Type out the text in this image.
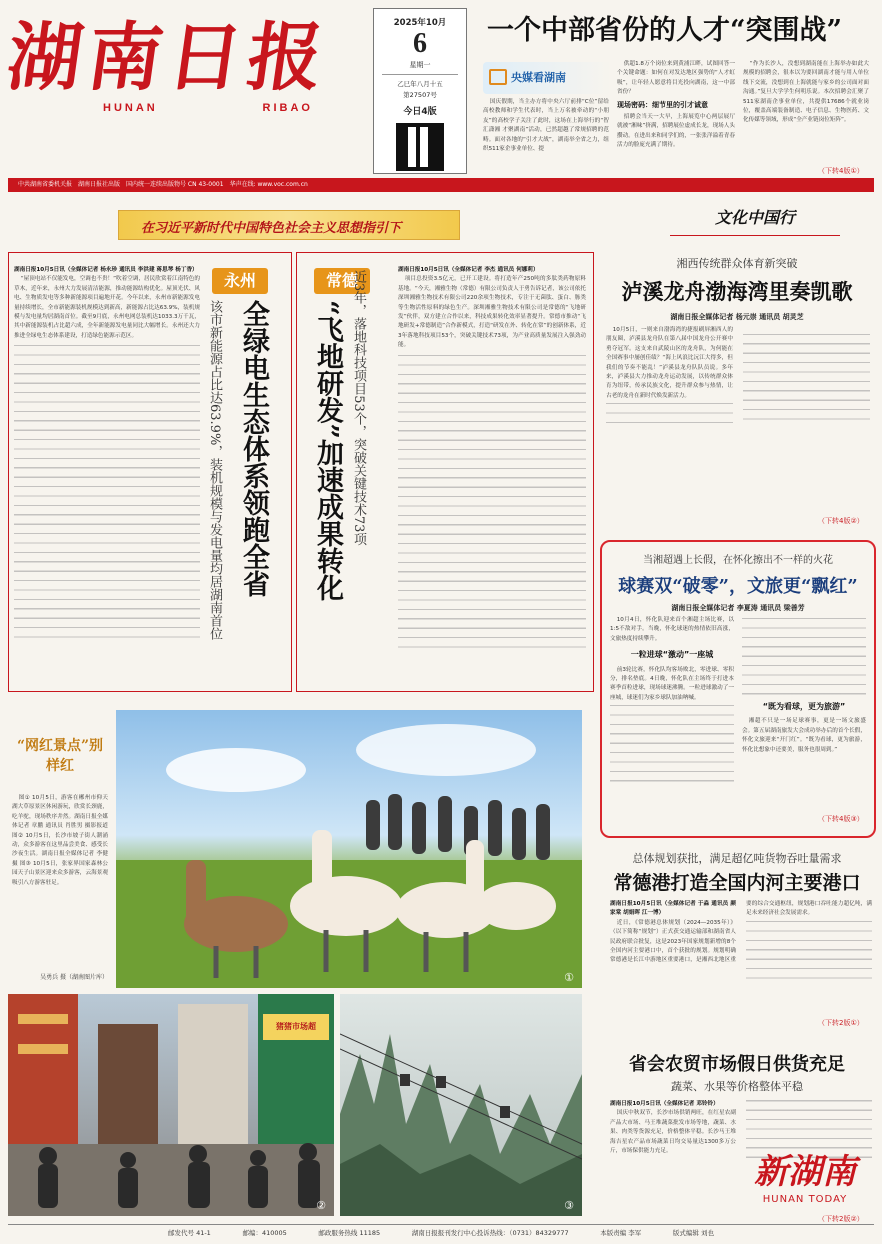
湖南日报
HUNAN	RIBAO
2025年10月
6
星期一
乙巳年八月十五
第27507号
今日4版
中共湖南省委机关报　湖南日报社出版　国内统一连续出版物号 CN 43-0001　华声在线: www.voc.com.cn
一个中部省份的人才“突围战”
央媒看湖南

国庆假期，当主办方将中央六厅前排“C位”留给高校教师和学生代表时，当上万名被牵动的“小朋友”的高校学子关注了此时，这场在上海举行的“智汇潇湘 才聚湖南”活动，已然超越了常规招聘的范畴。面对各地的“引才大战”，湖南举全省之力，组织511家企事业单位、提

供超1.8万个岗位来到黄浦江畔，试图回答一个关键命题：如何在对发达地区强势的“人才虹吸”，让年轻人愿意将目光投向湖南，这一中部省份？

现场密码：细节里的引才诚意

招聘会当天一大早，上海展览中心两层展厅就被“湘味”挤满，招聘展位虚成长龙，现场人头攒动。在进出来和同学们的，一张张洋溢着青春活力的脸庞充满了期待。

“作为长沙人，没想到湖南能在上海举办如此大规模的招聘会，很本以为要回湖南才能与用人单位线下交流，没想到在上海就能与家乡的公司面对面沟通。”复旦大学学生何明乐说。本次招聘会汇聚了511家湖南企事业单位，共提供17686个就业岗位，覆盖高端装备制造、电子信息、生物医药、文化传媒等领域，形成“全产业链岗位矩阵”。

（下转4版①）
在习近平新时代中国特色社会主义思想指引下
湖南日报10月5日讯（全媒体记者 杨永珍 通讯员 李洪建 蒋思琴 杨丁香）

“屋顶电站不仅能发电，空调也不贵！”吹着空调，居民欣赏着江南特色的草木，近年来，永州大力发展清洁能源，推动能源结构优化。屋顶光伏、风电、生物质发电等多种新能源项目遍地开花。今年以来，永州市新能源发电量持续增长，全市新能源装机规模达到新高，新能源占比达63.9%，装机规模与发电量均居湖南首位。截至9月底，永州电网总装机达1033.3万千瓦，其中新能源装机占比超六成，全年新能源发电量同比大幅增长。永州还大力推进全绿电生态体系建设，打造绿色能源示范区。

永州
全绿电生态体系领跑全省
该市新能源占比达63.9%，装机规模与发电量均居湖南首位
常德
“飞地研发”加速成果转化 近3年，落地科技项目53个，突破关键技术73项	湖南日报10月5日讯（全媒体记者 李杰 通讯员 何娜莉）

项目总投资3.5亿元，已开工建设。将打造年产250吨的多肽类药物原料基地。“今天，湘雅生物（常德）有限公司负责人于勇告诉记者，该公司依托深圳湘雅生物技术有限公司220余项生物技术，专注于无菌肽、蛋白、胨类等生物活性原料的绿色生产。深圳湘雅生物技术有限公司是常德的“飞地研发”伙伴，双方建立合作以来，科技成果转化效率显著提升。常德市推动“飞地研发+常德制造”合作新模式，打造“研发在外、转化在常”的创新体系，近3年落地科技项目53个，突破关键技术73项，为产业高质量发展注入强劲动能。

文化中国行
湘西传统群众体育新突破
泸溪龙舟渤海湾里奏凯歌
湖南日报全媒体记者 杨元崇 通讯员 胡灵芝

10月5日，一则来自渤海湾的捷报刷屏湘西人的朋友圈，泸溪县龙舟队在第八届中国龙舟公开赛中勇夺冠军。这支来自武陵山区的龙舟队，为何能在全国赛事中屡创佳绩？“海上风浪比沅江大得多，但我们的节奏不能乱！”泸溪县龙舟队队员说。多年来，泸溪县大力推动龙舟运动发展，以传统群众体育为纽带，传承民族文化，提升群众参与热情，让古老的龙舟在新时代焕发新活力。

（下转4版②）
当湘超遇上长假，在怀化擦出不一样的火花
球赛双“破零”，文旅更“飘红”
湖南日报全媒体记者 李夏涛 通讯员 梁善芳

10月4日，怀化队迎来首个湘超主场比赛，以1:5不敌对手。当晚，怀化球迷的热情依旧高涨，文旅热度持续攀升。

一粒进球“激动”一座城

前3轮比赛，怀化队均客场败北，零进球、零积分，排名垫底。4日晚，怀化队在主场终于打进本赛季首粒进球，现场球迷沸腾。一粒进球激动了一座城，球迷们为家乡球队加油呐喊。

“既为看球，更为旅游”

湘超不只是一场足球赛事，更是一场文旅盛会。第五届湖南旅发大会成功举办后的首个长假，怀化文旅迎来“开门红”。“既为看球，更为旅游，怀化比想象中还要美，服务也很周到。”

（下转4版③）
总体规划获批，满足超亿吨货物吞吐量需求
常德港打造全国内河主要港口
湖南日报10月5日讯（全媒体记者 于淼 通讯员 颜家棠 胡娟晖 江一博）

近日，《常德港总体规划（2024—2035年）》（以下简称“规划”）正式获交通运输部和湖南省人民政府联合批复，这是2023年国家规划新增的8个全国内河主要港口中，首个获批的规划。规划明确常德港是长江中游地区重要港口，是湘西北地区重要的综合交通枢纽，规划港口吞吐能力超亿吨，满足未来经济社会发展需求。

（下转2版①）
省会农贸市场假日供货充足
蔬菜、水果等价格整体平稳
湖南日报10月5日讯（全媒体记者 邓铃铃）

国庆中秋双节，长沙市场供销两旺，在红星农副产品大市场、马王堆蔬菜批发市场等地，蔬菜、水果、肉类等货源充足，价格整体平稳。长沙马王堆海吉星农产品市场蔬菜日均交易量达1300多万公斤，市场保供能力充足。

新湖南
HUNAN TODAY
（下转2版②）
“网红景点”别样红

图① 10月5日，游客在郴州市仰天湖大草原景区休闲游玩，欣赏长颈鹿，吃羊驼，现场秩序井然。湖南日报全媒体记者 章鹏 通讯员 肖胜男 摄影报道 图② 10月5日，长沙市坡子街人潮涌动，众多游客在这里品尝美食、感受长沙夜生活。湖南日报全媒体记者 李健 摄 图③ 10月5日，张家界国家森林公园天子山景区迎来众多游客，云海景观吸引八方游客驻足。

吴勇兵 摄（湖南图片库）	①
猪猪市场超
②	③
邮发代号 41-1	邮编：410005	邮政服务热线 11185	湖南日报报刊发行中心投诉热线：（0731）84329777	本版责编 李军	版式编辑 刘也
